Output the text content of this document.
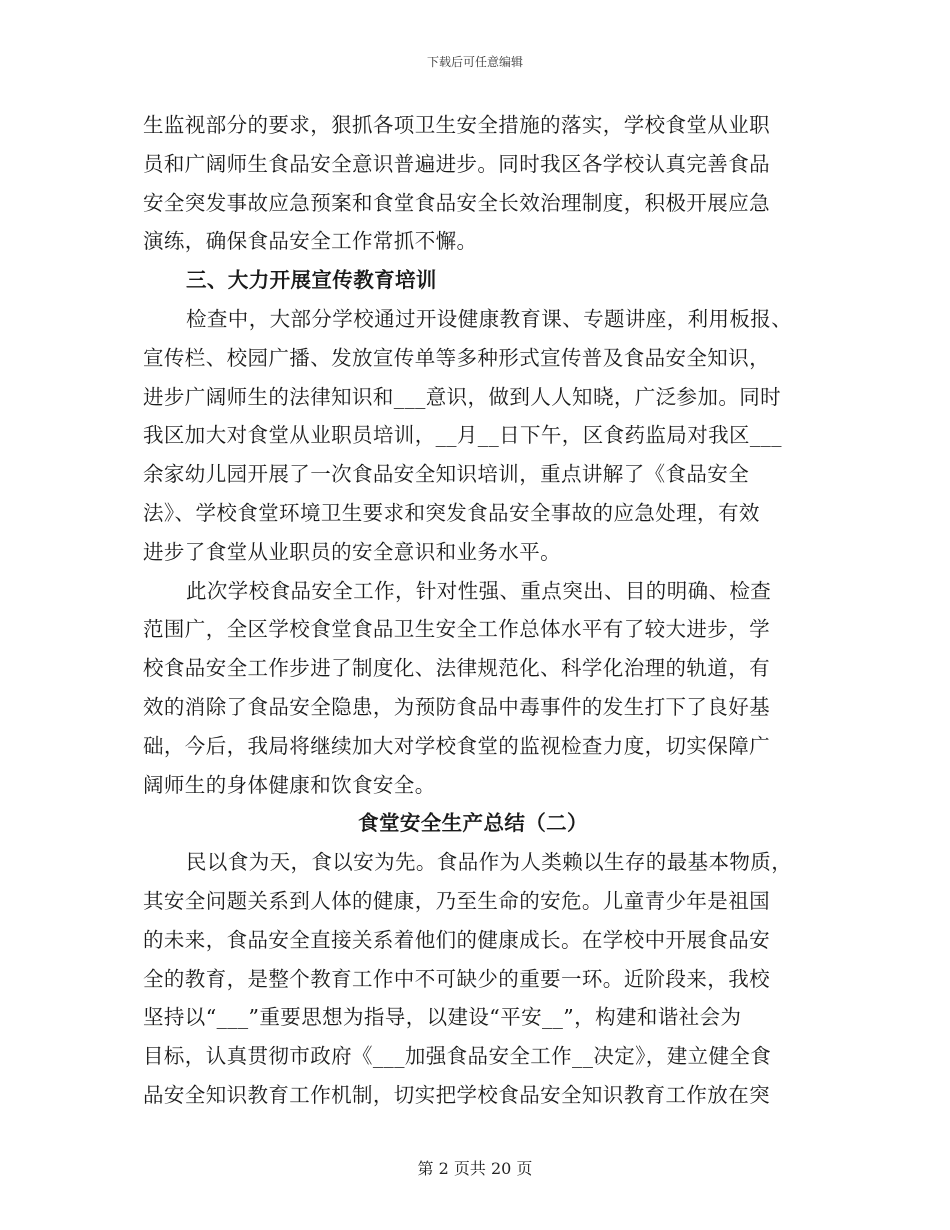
下载后可任意编辑
生监视部分的要求，狠抓各项卫生安全措施的落实，学校食堂从业职
员和广阔师生食品安全意识普遍进步。同时我区各学校认真完善食品
安全突发事故应急预案和食堂食品安全长效治理制度，积极开展应急
演练，确保食品安全工作常抓不懈。
三、大力开展宣传教育培训
检查中，大部分学校通过开设健康教育课、专题讲座，利用板报、
宣传栏、校园广播、发放宣传单等多种形式宣传普及食品安全知识，
进步广阔师生的法律知识和___意识，做到人人知晓，广泛参加。同时
我区加大对食堂从业职员培训，__月__日下午，区食药监局对我区___
余家幼儿园开展了一次食品安全知识培训，重点讲解了《食品安全
法》、学校食堂环境卫生要求和突发食品安全事故的应急处理，有效
进步了食堂从业职员的安全意识和业务水平。
此次学校食品安全工作，针对性强、重点突出、目的明确、检查
范围广，全区学校食堂食品卫生安全工作总体水平有了较大进步，学
校食品安全工作步进了制度化、法律规范化、科学化治理的轨道，有
效的消除了食品安全隐患，为预防食品中毒事件的发生打下了良好基
础，今后，我局将继续加大对学校食堂的监视检查力度，切实保障广
阔师生的身体健康和饮食安全。
食堂安全生产总结（二）
民以食为天，食以安为先。食品作为人类赖以生存的最基本物质，
其安全问题关系到人体的健康，乃至生命的安危。儿童青少年是祖国
的未来，食品安全直接关系着他们的健康成长。在学校中开展食品安
全的教育，是整个教育工作中不可缺少的重要一环。近阶段来，我校
坚持以“___”重要思想为指导，以建设“平安__”，构建和谐社会为
目标，认真贯彻市政府《___加强食品安全工作__决定》，建立健全食
品安全知识教育工作机制，切实把学校食品安全知识教育工作放在突
第 2 页共 20 页
